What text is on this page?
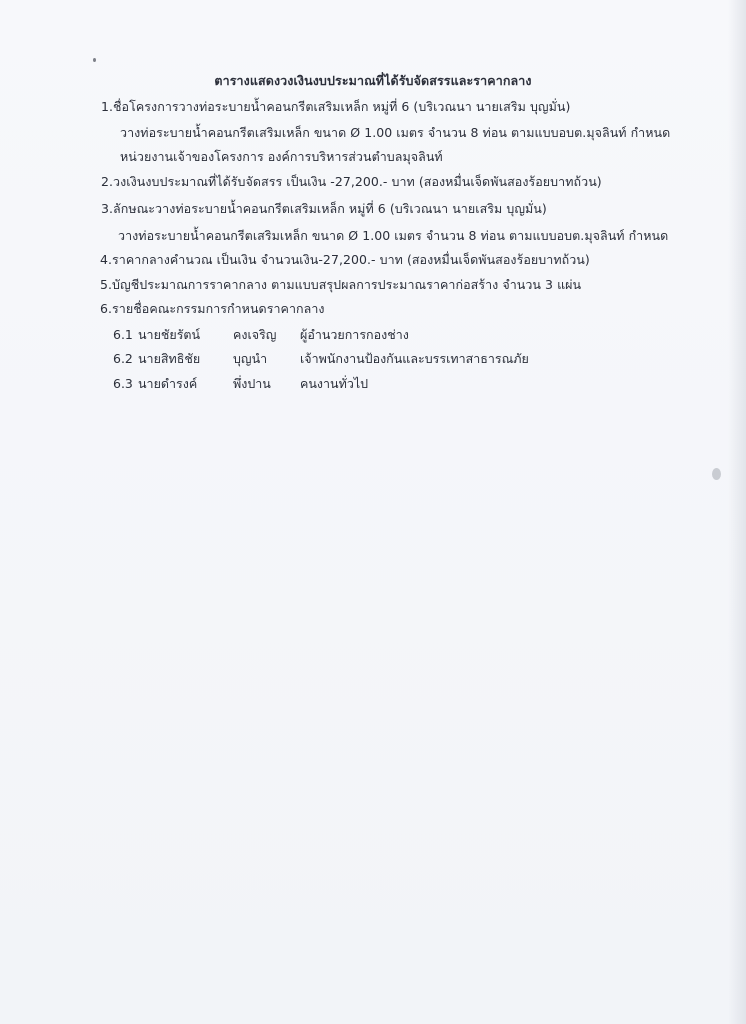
ตารางแสดงวงเงินงบประมาณที่ได้รับจัดสรรและราคากลาง
1.ชื่อโครงการวางท่อระบายน้ำคอนกรีตเสริมเหล็ก หมู่ที่ 6 (บริเวณนา นายเสริม บุญมั่น)
วางท่อระบายน้ำคอนกรีตเสริมเหล็ก ขนาด Ø 1.00 เมตร จำนวน 8 ท่อน ตามแบบอบต.มุจลินท์ กำหนด
หน่วยงานเจ้าของโครงการ องค์การบริหารส่วนตำบลมุจลินท์
2.วงเงินงบประมาณที่ได้รับจัดสรร เป็นเงิน -27,200.- บาท (สองหมื่นเจ็ดพันสองร้อยบาทถ้วน)
3.ลักษณะวางท่อระบายน้ำคอนกรีตเสริมเหล็ก หมู่ที่ 6 (บริเวณนา นายเสริม บุญมั่น)
วางท่อระบายน้ำคอนกรีตเสริมเหล็ก ขนาด Ø 1.00 เมตร จำนวน 8 ท่อน ตามแบบอบต.มุจลินท์ กำหนด
4.ราคากลางคำนวณ เป็นเงิน จำนวนเงิน-27,200.- บาท (สองหมื่นเจ็ดพันสองร้อยบาทถ้วน)
5.บัญชีประมาณการราคากลาง ตามแบบสรุปผลการประมาณราคาก่อสร้าง จำนวน 3 แผ่น
6.รายชื่อคณะกรรมการกำหนดราคากลาง
6.1 นายชัยรัตน์	คงเจริญ ผู้อำนวยการกองช่าง
6.2 นายสิทธิชัย	บุญนำ	เจ้าพนักงานป้องกันและบรรเทาสาธารณภัย
6.3 นายดำรงค์	พึ่งปาน คนงานทั่วไป
